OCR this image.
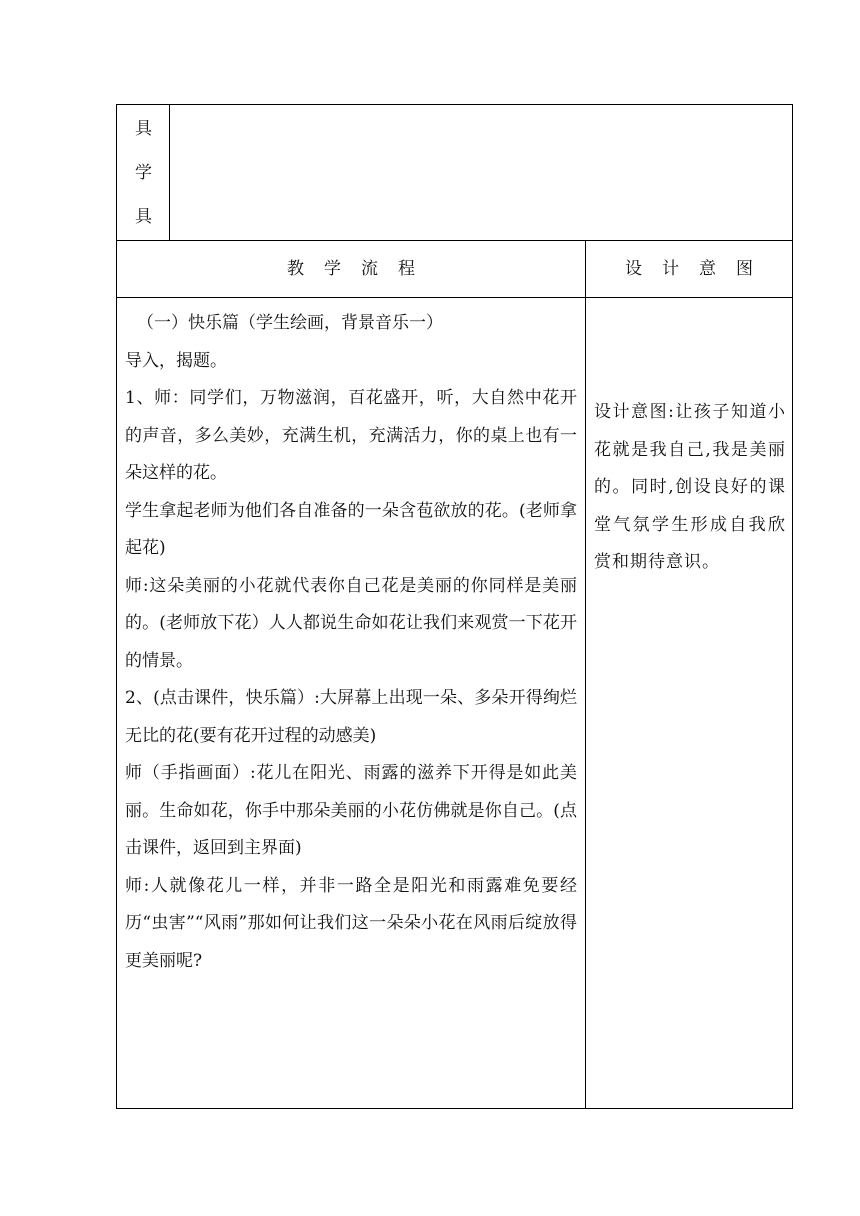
具
学
具
教学流程	设计意图

（一）快乐篇（学生绘画，背景音乐一）

导入，揭题。

1、师：同学们，万物滋润，百花盛开，听，大自然中花开的声音，多么美妙，充满生机，充满活力，你的桌上也有一朵这样的花。

学生拿起老师为他们各自准备的一朵含苞欲放的花。(老师拿起花)

师:这朵美丽的小花就代表你自己花是美丽的你同样是美丽的。(老师放下花）人人都说生命如花让我们来观赏一下花开的情景。

2、(点击课件，快乐篇）:大屏幕上出现一朵、多朵开得绚烂无比的花(要有花开过程的动感美)

师（手指画面）:花儿在阳光、雨露的滋养下开得是如此美丽。生命如花，你手中那朵美丽的小花仿佛就是你自己。(点击课件，返回到主界面)

师:人就像花儿一样，并非一路全是阳光和雨露难免要经历“虫害”“风雨”那如何让我们这一朵朵小花在风雨后绽放得更美丽呢?

设计意图:让孩子知道小花就是我自己,我是美丽的。同时,创设良好的课堂气氛学生形成自我欣赏和期待意识。
